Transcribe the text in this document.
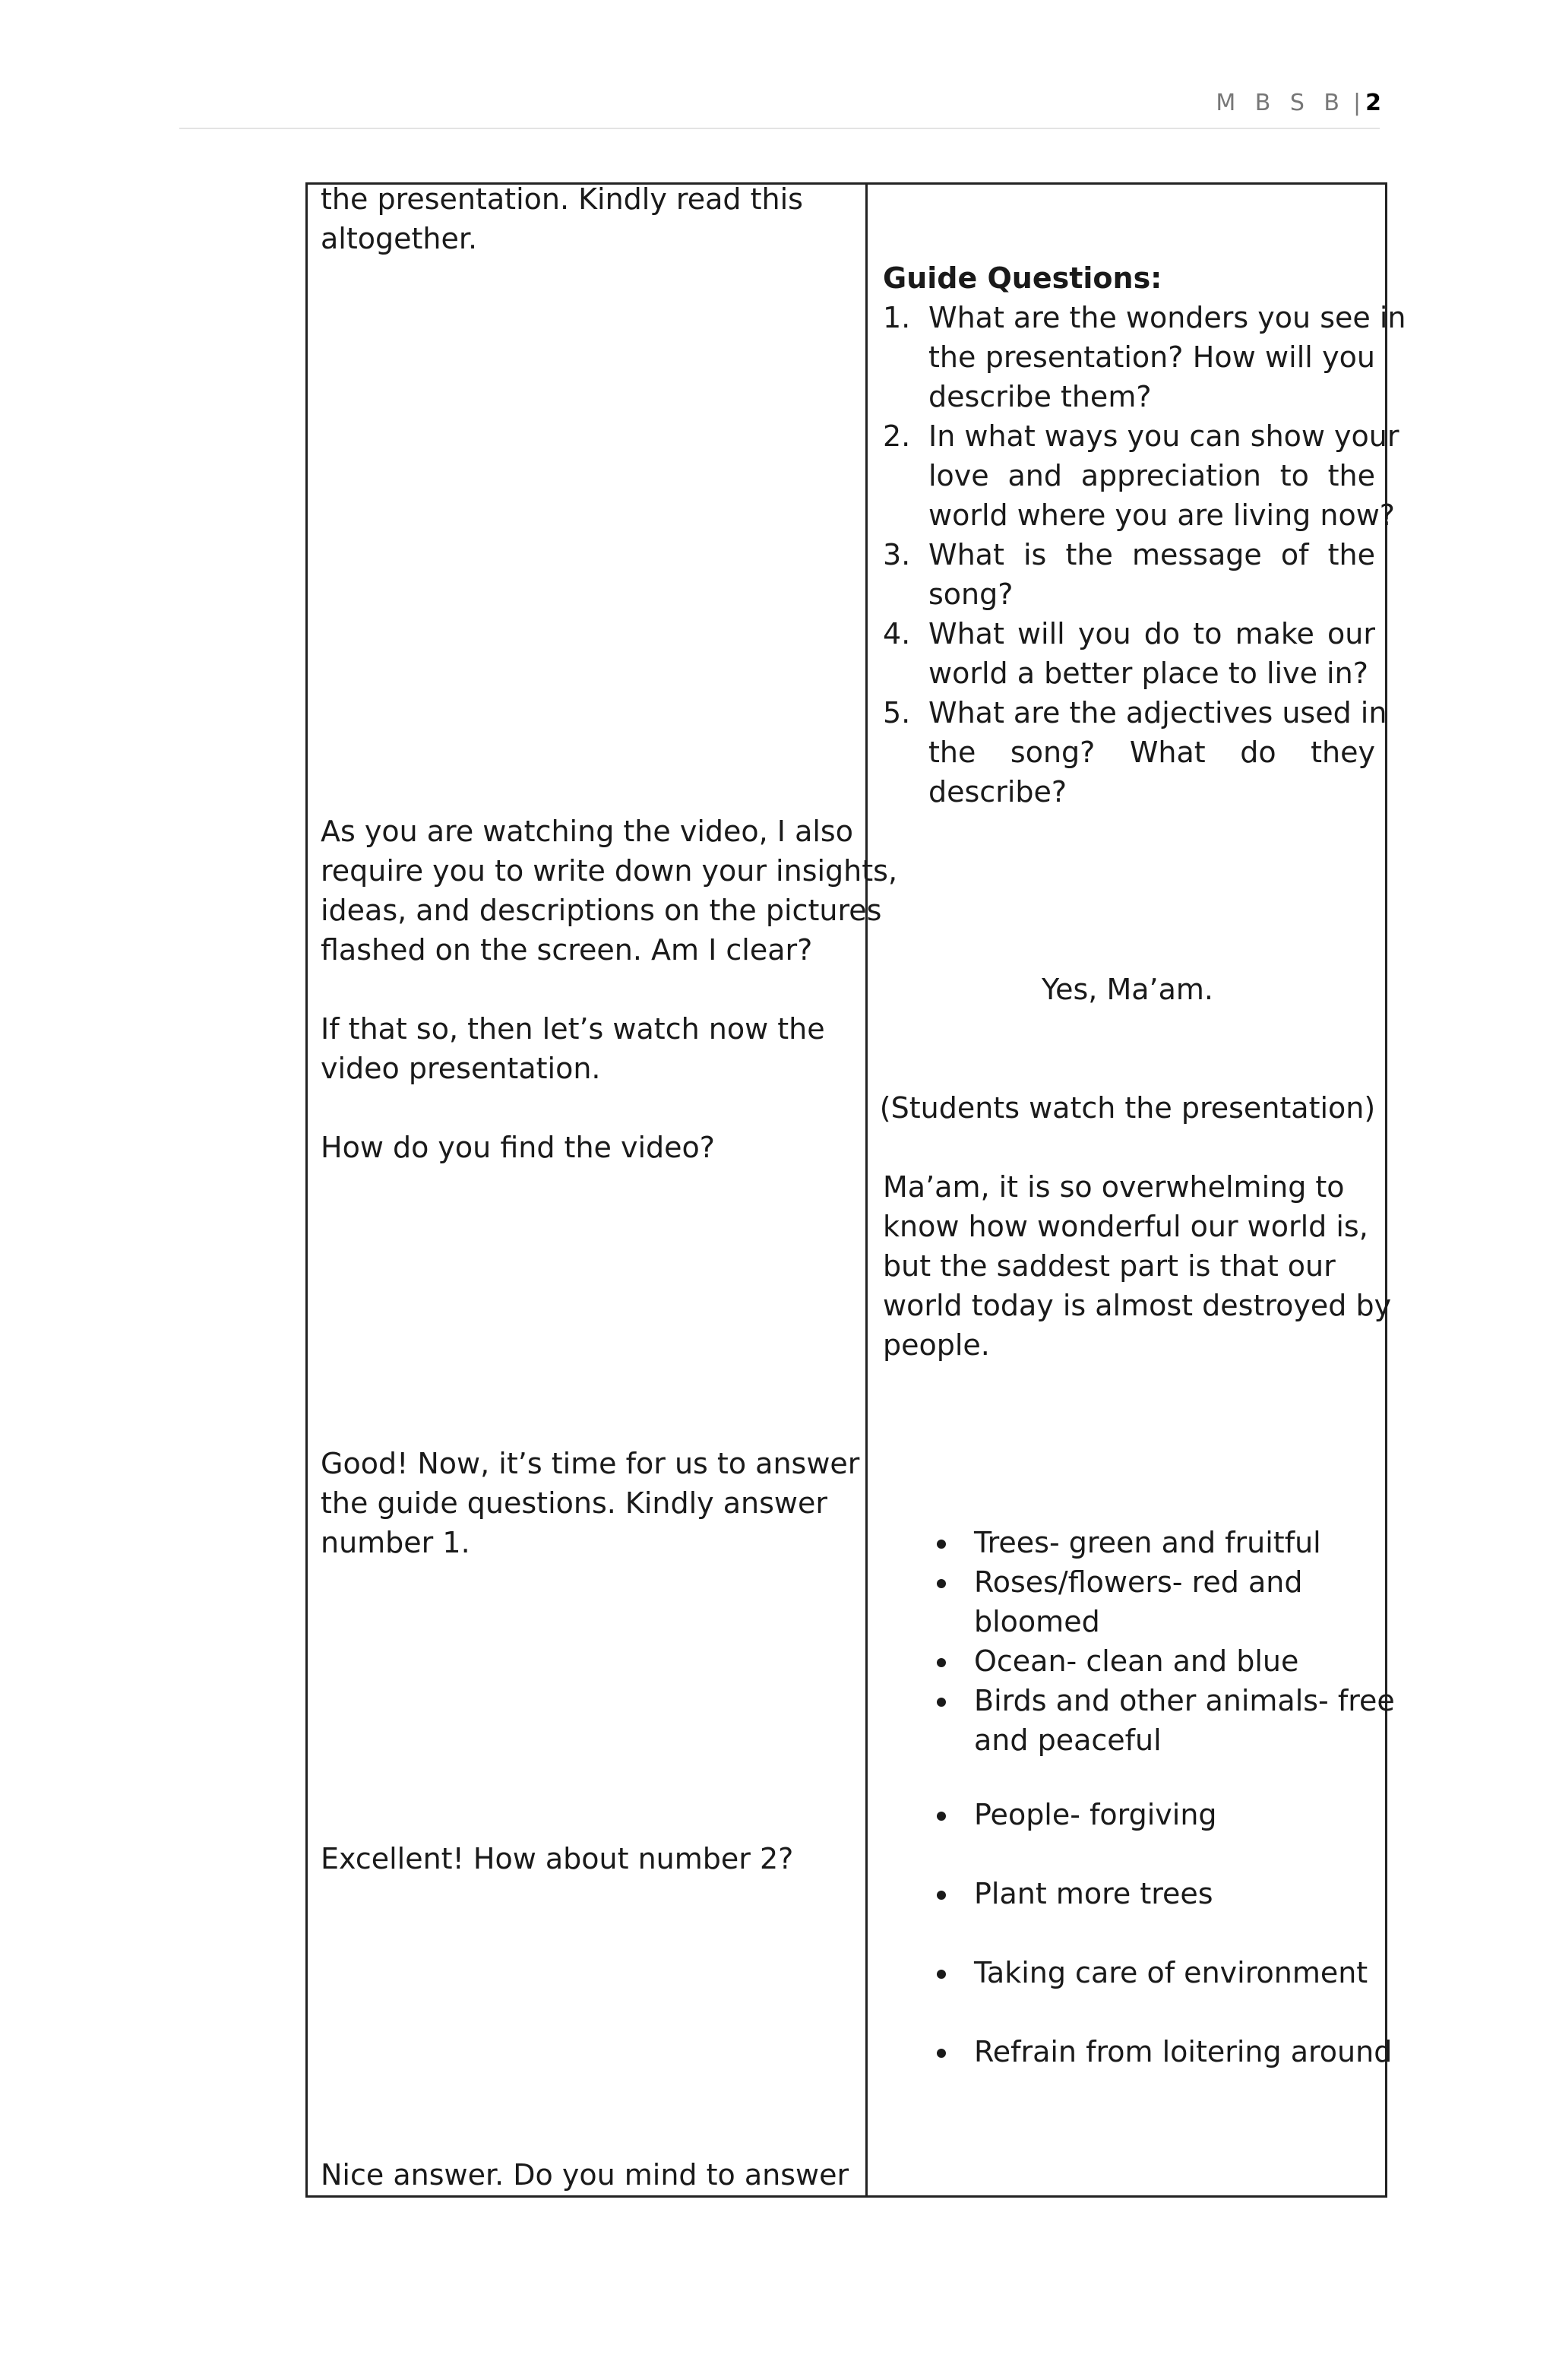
M B S B | 2
the presentation. Kindly read this
altogether.
As you are watching the video, I also
require you to write down your insights,
ideas, and descriptions on the pictures
flashed on the screen. Am I clear?
If that so, then let’s watch now the
video presentation.
How do you find the video?
Good! Now, it’s time for us to answer
the guide questions. Kindly answer
number 1.
Excellent! How about number 2?
Nice answer. Do you mind to answer
Guide Questions:
1. What are the wonders you see in
the presentation? How will you
describe them?
2. In what ways you can show your
love and appreciation to the
world where you are living now?
3. What is the message of the
song?
4. What will you do to make our
world a better place to live in?
5. What are the adjectives used in
the song? What do they
describe?
Yes, Ma’am.
(Students watch the presentation)
Ma’am, it is so overwhelming to
know how wonderful our world is,
but the saddest part is that our
world today is almost destroyed by
people.
Trees- green and fruitful
Roses/flowers- red and
bloomed
Ocean- clean and blue
Birds and other animals- free
and peaceful
People- forgiving
Plant more trees
Taking care of environment
Refrain from loitering around
